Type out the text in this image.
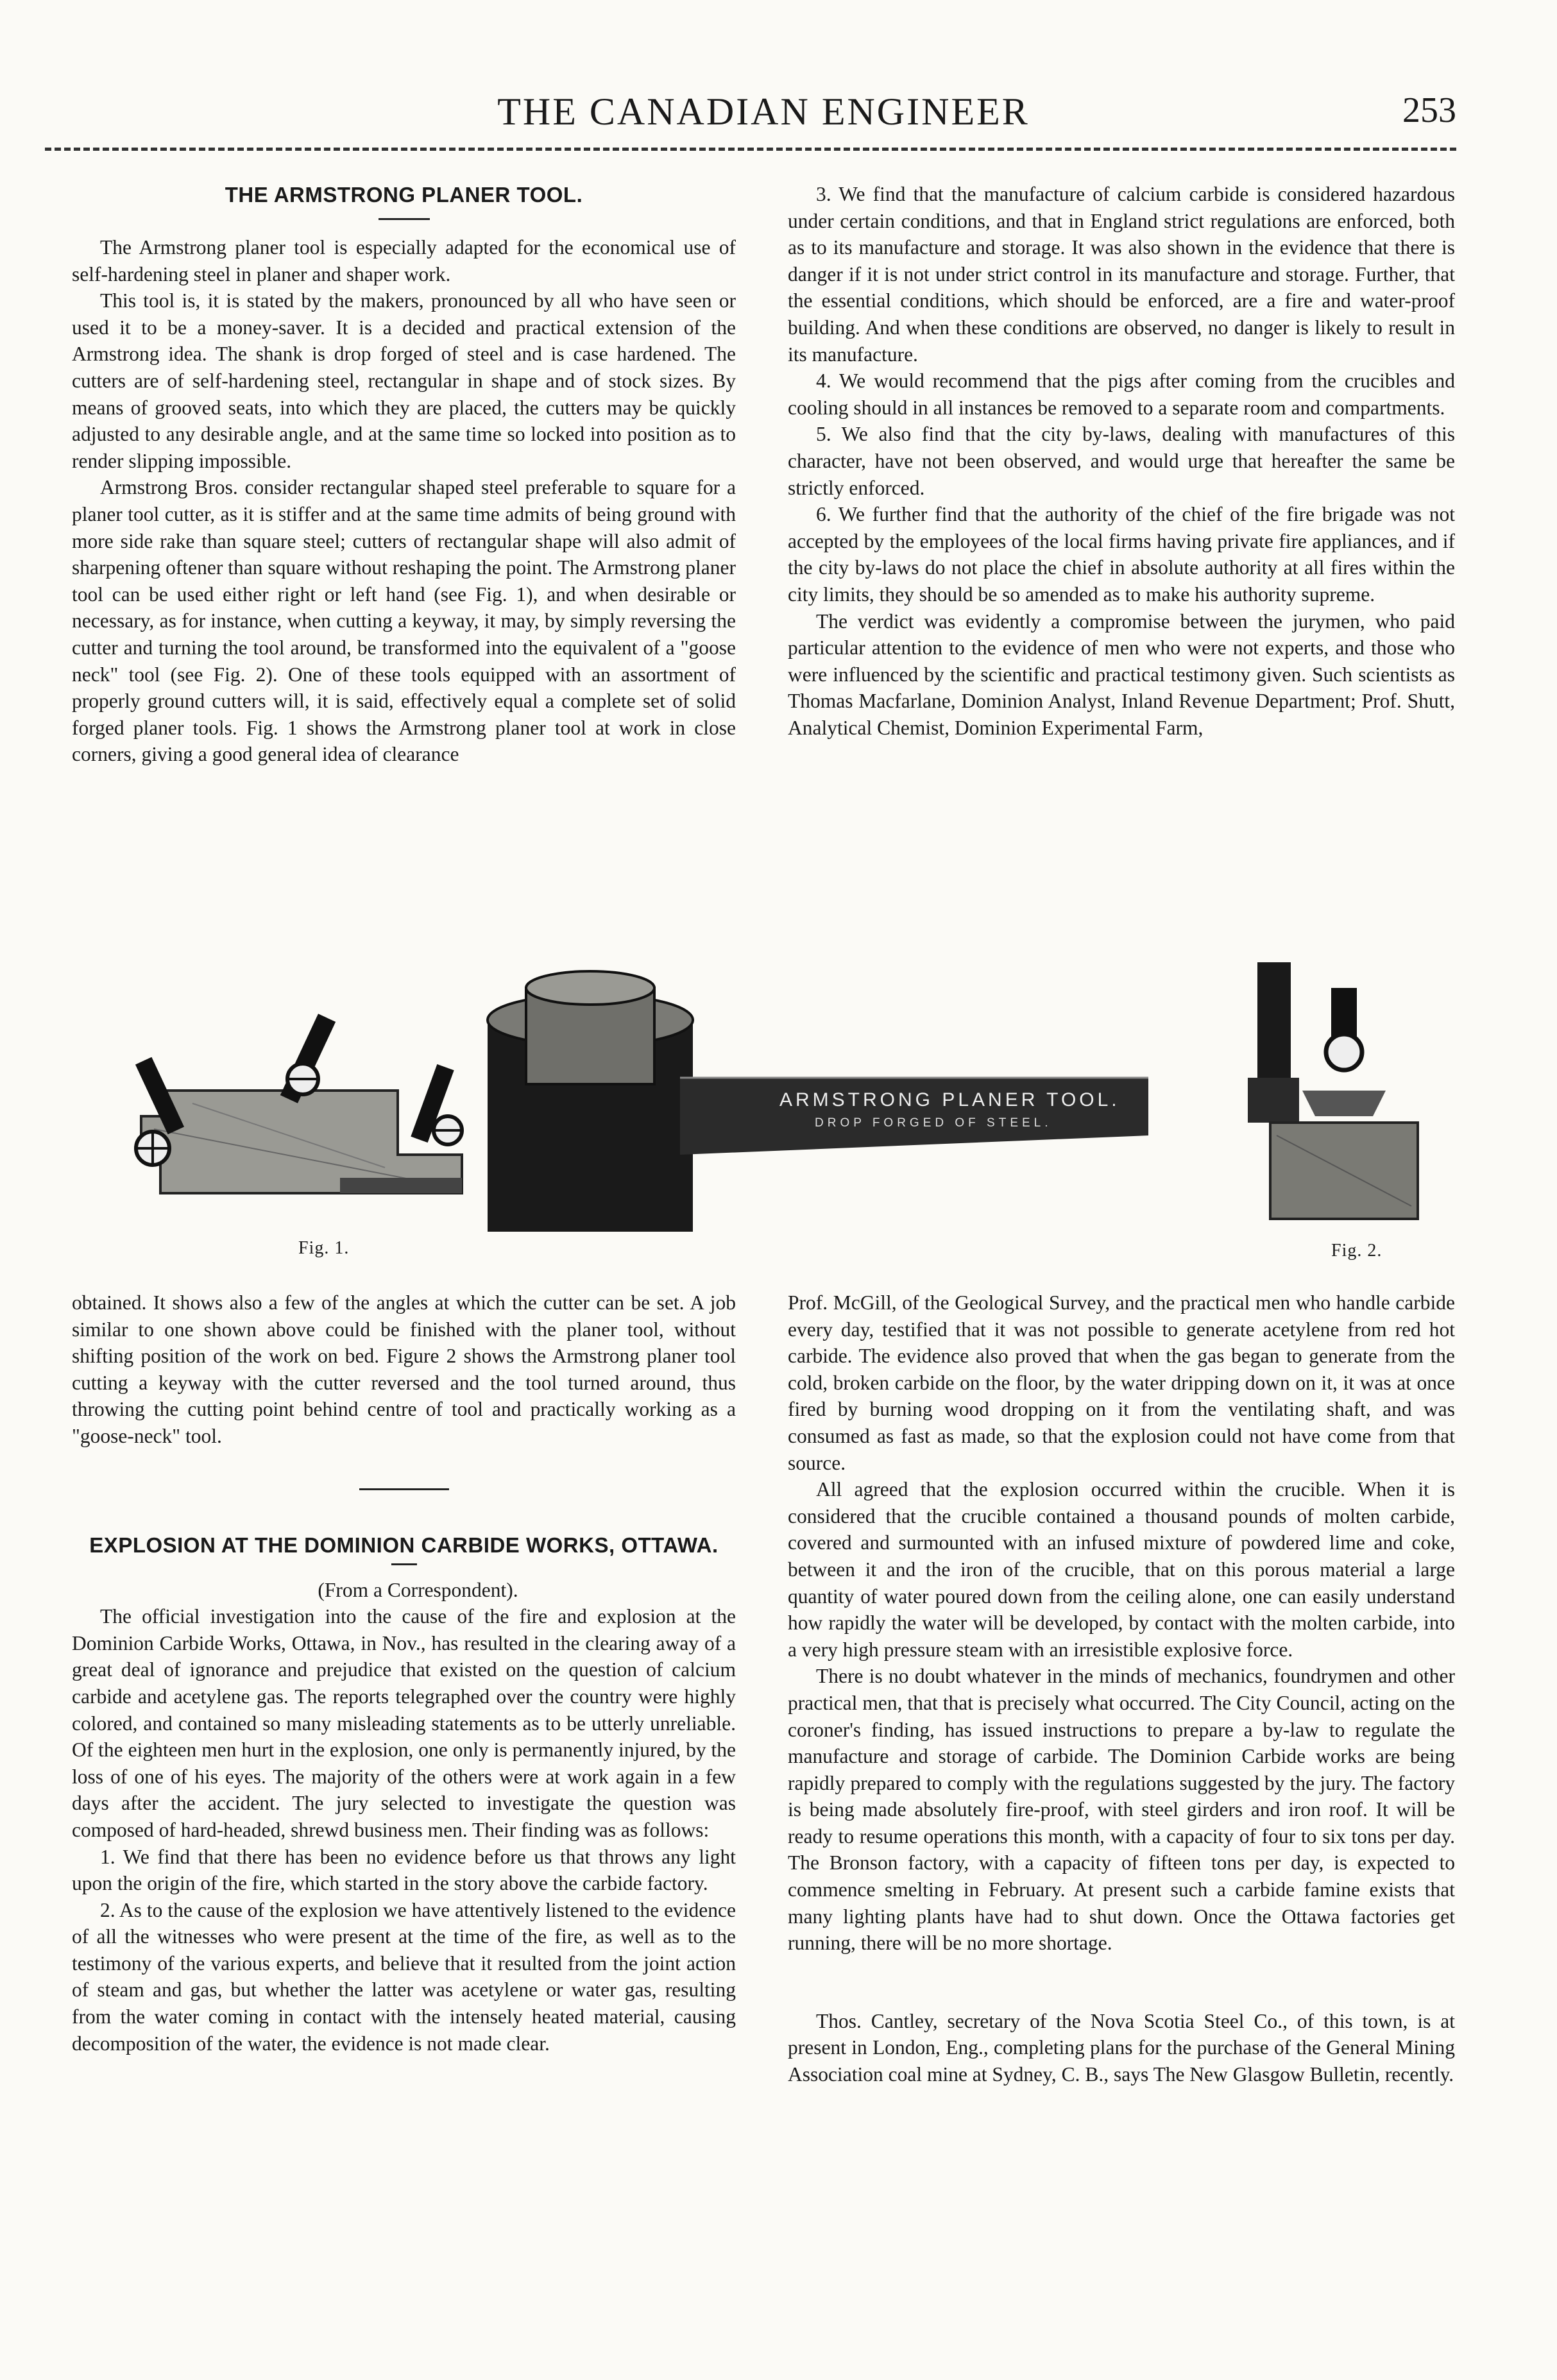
THE CANADIAN ENGINEER	253
THE ARMSTRONG PLANER TOOL.

The Armstrong planer tool is especially adapted for the economical use of self-hardening steel in planer and shaper work.

This tool is, it is stated by the makers, pronounced by all who have seen or used it to be a money-saver. It is a decided and practical extension of the Armstrong idea. The shank is drop forged of steel and is case hardened. The cutters are of self-hardening steel, rectangular in shape and of stock sizes. By means of grooved seats, into which they are placed, the cutters may be quickly adjusted to any desirable angle, and at the same time so locked into position as to render slipping impossible.

Armstrong Bros. consider rectangular shaped steel preferable to square for a planer tool cutter, as it is stiffer and at the same time admits of being ground with more side rake than square steel; cutters of rectangular shape will also admit of sharpening oftener than square without reshaping the point. The Armstrong planer tool can be used either right or left hand (see Fig. 1), and when desirable or necessary, as for instance, when cutting a keyway, it may, by simply reversing the cutter and turning the tool around, be transformed into the equivalent of a "goose neck" tool (see Fig. 2). One of these tools equipped with an assortment of properly ground cutters will, it is said, effectively equal a complete set of solid forged planer tools. Fig. 1 shows the Armstrong planer tool at work in close corners, giving a good general idea of clearance

3. We find that the manufacture of calcium carbide is considered hazardous under certain conditions, and that in England strict regulations are enforced, both as to its manufacture and storage. It was also shown in the evidence that there is danger if it is not under strict control in its manufacture and storage. Further, that the essential conditions, which should be enforced, are a fire and water-proof building. And when these conditions are observed, no danger is likely to result in its manufacture.

4. We would recommend that the pigs after coming from the crucibles and cooling should in all instances be removed to a separate room and compartments.

5. We also find that the city by-laws, dealing with manufactures of this character, have not been observed, and would urge that hereafter the same be strictly enforced.

6. We further find that the authority of the chief of the fire brigade was not accepted by the employees of the local firms having private fire appliances, and if the city by-laws do not place the chief in absolute authority at all fires within the city limits, they should be so amended as to make his authority supreme.

The verdict was evidently a compromise between the jurymen, who paid particular attention to the evidence of men who were not experts, and those who were influenced by the scientific and practical testimony given. Such scientists as Thomas Macfarlane, Dominion Analyst, Inland Revenue Department; Prof. Shutt, Analytical Chemist, Dominion Experimental Farm,

ARMSTRONG PLANER TOOL.
DROP FORGED OF STEEL.
Fig. 1.	Fig. 2.

obtained. It shows also a few of the angles at which the cutter can be set. A job similar to one shown above could be finished with the planer tool, without shifting position of the work on bed. Figure 2 shows the Armstrong planer tool cutting a keyway with the cutter reversed and the tool turned around, thus throwing the cutting point behind centre of tool and practically working as a "goose-neck" tool.

EXPLOSION AT THE DOMINION CARBIDE WORKS, OTTAWA.

(From a Correspondent).

The official investigation into the cause of the fire and explosion at the Dominion Carbide Works, Ottawa, in Nov., has resulted in the clearing away of a great deal of ignorance and prejudice that existed on the question of calcium carbide and acetylene gas. The reports telegraphed over the country were highly colored, and contained so many misleading statements as to be utterly unreliable. Of the eighteen men hurt in the explosion, one only is permanently injured, by the loss of one of his eyes. The majority of the others were at work again in a few days after the accident. The jury selected to investigate the question was composed of hard-headed, shrewd business men. Their finding was as follows:

1. We find that there has been no evidence before us that throws any light upon the origin of the fire, which started in the story above the carbide factory.

2. As to the cause of the explosion we have attentively listened to the evidence of all the witnesses who were present at the time of the fire, as well as to the testimony of the various experts, and believe that it resulted from the joint action of steam and gas, but whether the latter was acetylene or water gas, resulting from the water coming in contact with the intensely heated material, causing decomposition of the water, the evidence is not made clear.

Prof. McGill, of the Geological Survey, and the practical men who handle carbide every day, testified that it was not possible to generate acetylene from red hot carbide. The evidence also proved that when the gas began to generate from the cold, broken carbide on the floor, by the water dripping down on it, it was at once fired by burning wood dropping on it from the ventilating shaft, and was consumed as fast as made, so that the explosion could not have come from that source.

All agreed that the explosion occurred within the crucible. When it is considered that the crucible contained a thousand pounds of molten carbide, covered and surmounted with an infused mixture of powdered lime and coke, between it and the iron of the crucible, that on this porous material a large quantity of water poured down from the ceiling alone, one can easily understand how rapidly the water will be developed, by contact with the molten carbide, into a very high pressure steam with an irresistible explosive force.

There is no doubt whatever in the minds of mechanics, foundrymen and other practical men, that that is precisely what occurred. The City Council, acting on the coroner's finding, has issued instructions to prepare a by-law to regulate the manufacture and storage of carbide. The Dominion Carbide works are being rapidly prepared to comply with the regulations suggested by the jury. The factory is being made absolutely fire-proof, with steel girders and iron roof. It will be ready to resume operations this month, with a capacity of four to six tons per day. The Bronson factory, with a capacity of fifteen tons per day, is expected to commence smelting in February. At present such a carbide famine exists that many lighting plants have had to shut down. Once the Ottawa factories get running, there will be no more shortage.

Thos. Cantley, secretary of the Nova Scotia Steel Co., of this town, is at present in London, Eng., completing plans for the purchase of the General Mining Association coal mine at Sydney, C. B., says The New Glasgow Bulletin, recently.
